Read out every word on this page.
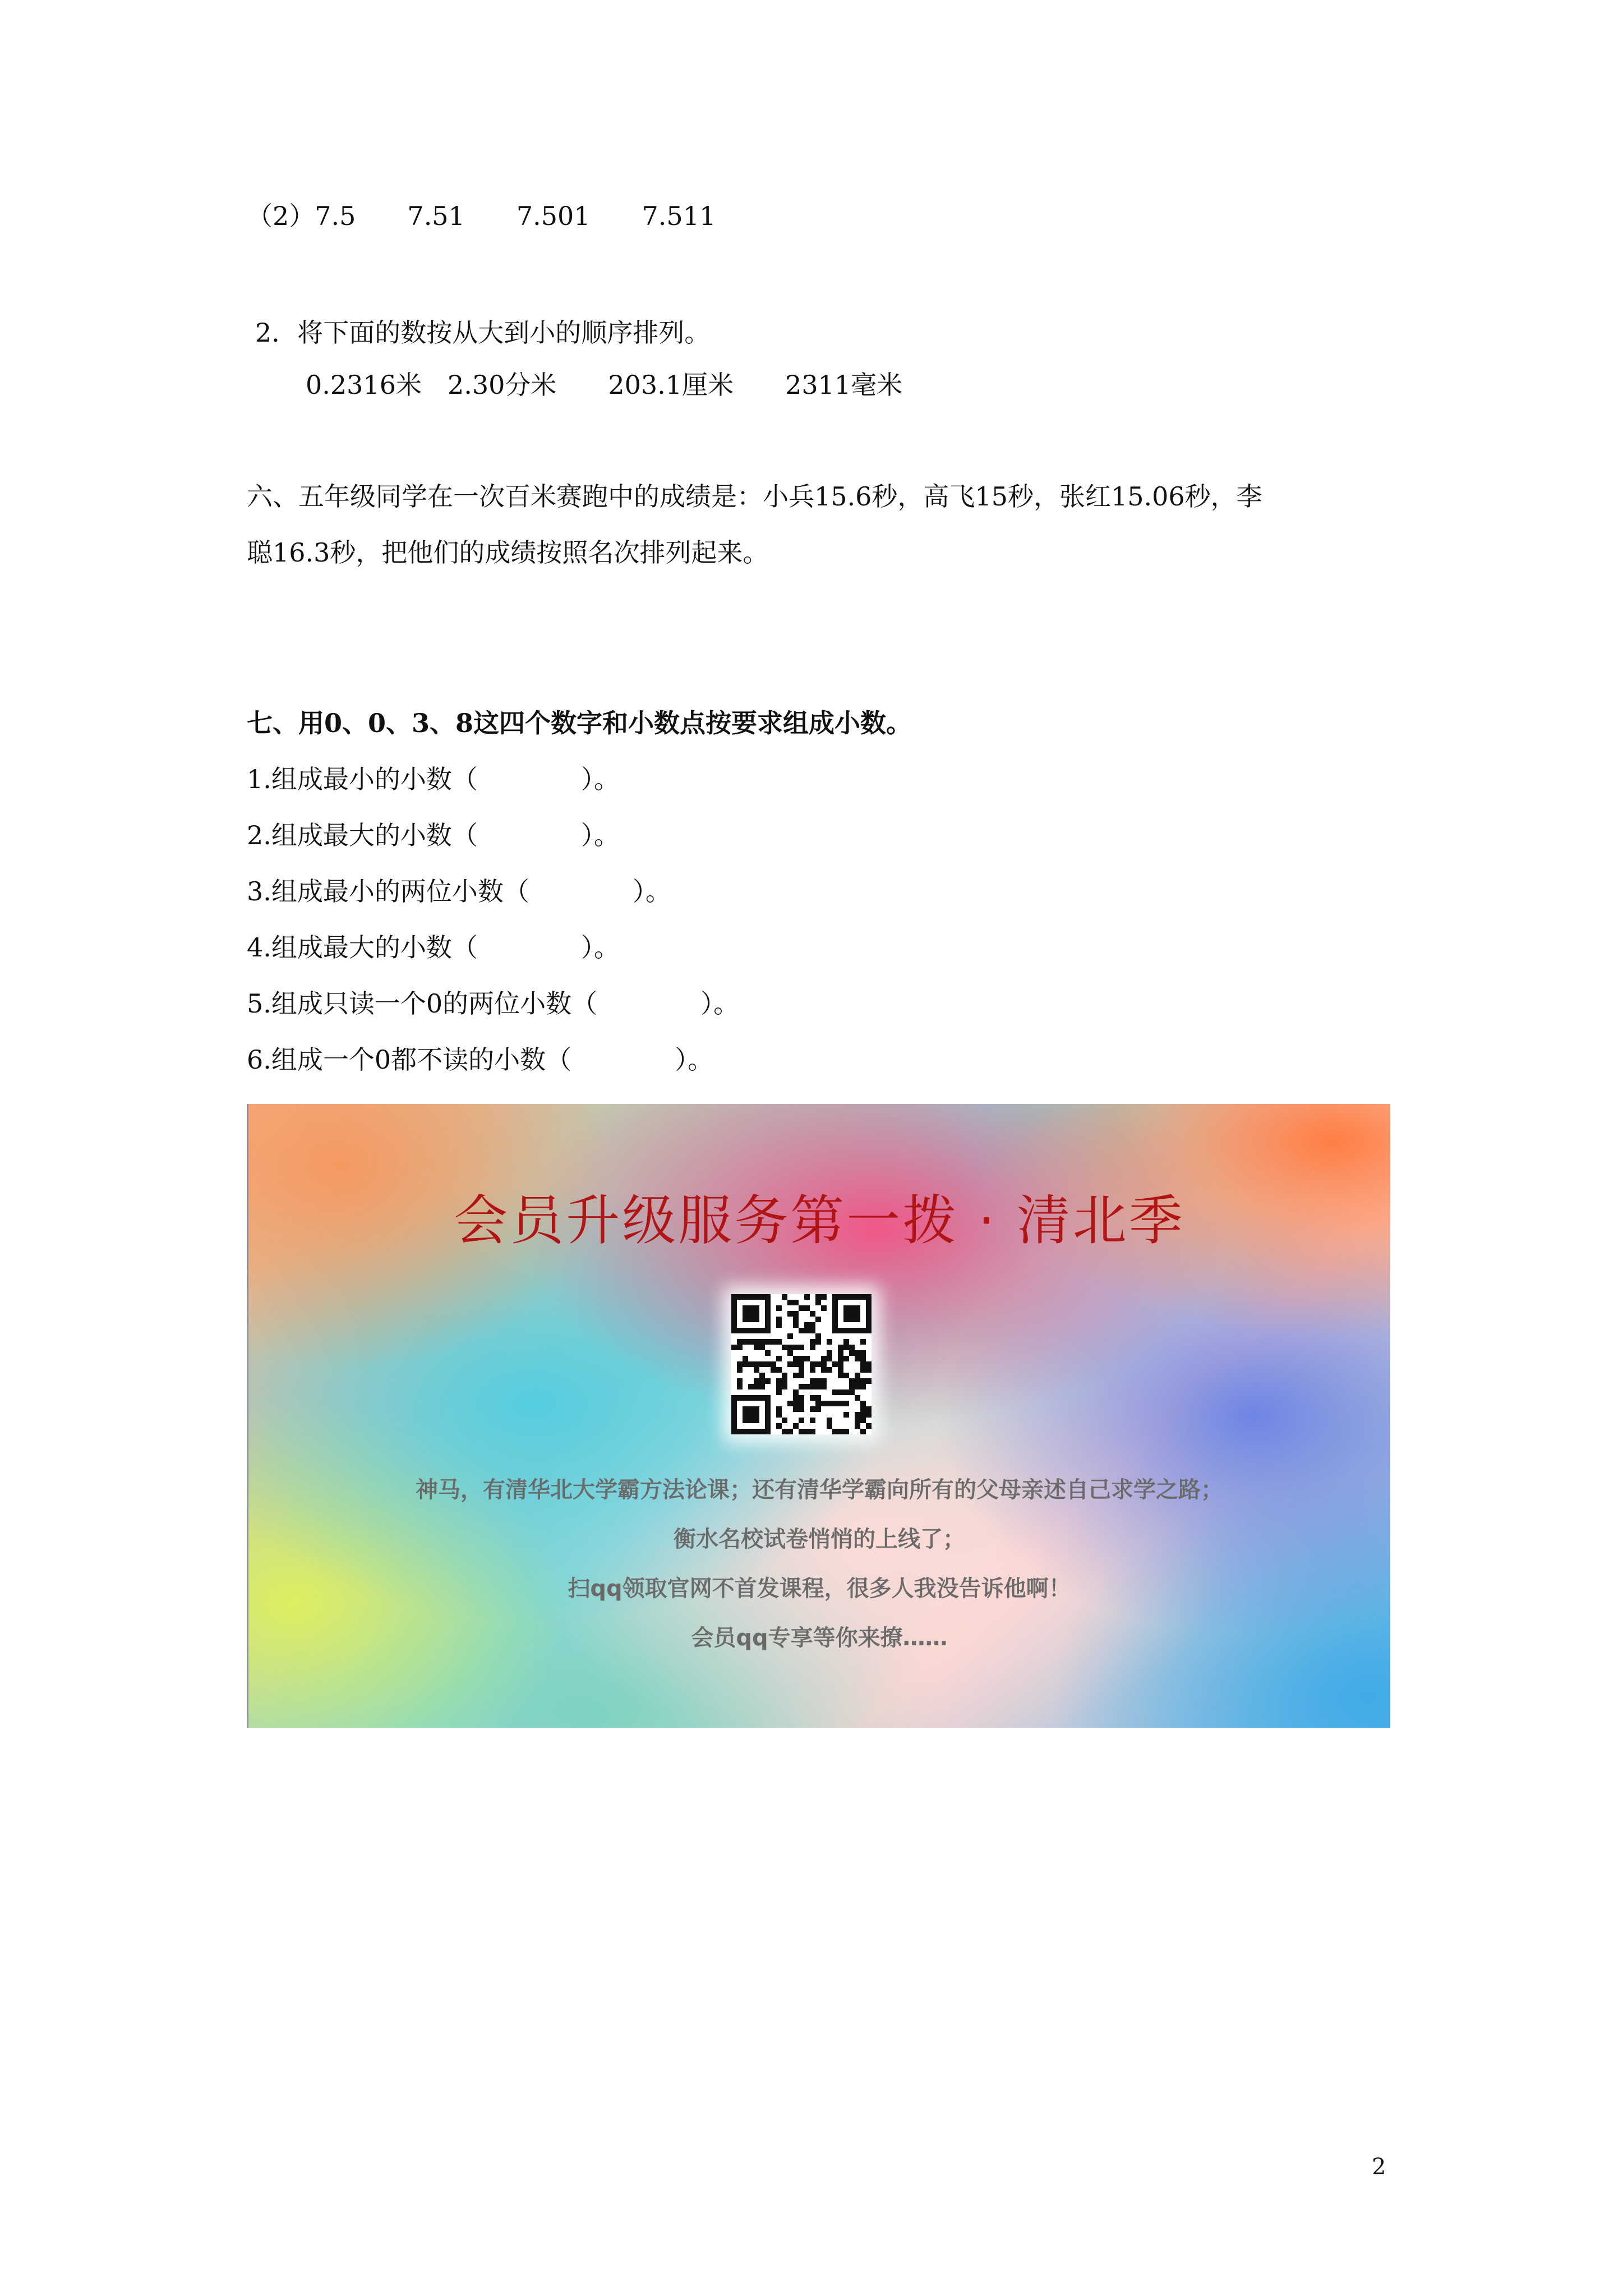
（2）7.5　　7.51　　7.501　　7.511
2．将下面的数按从大到小的顺序排列。
0.2316米　2.30分米　　203.1厘米　　2311毫米
六、五年级同学在一次百米赛跑中的成绩是：小兵15.6秒，高飞15秒，张红15.06秒，李
聪16.3秒，把他们的成绩按照名次排列起来。
七、用0、0、3、8这四个数字和小数点按要求组成小数。
1.组成最小的小数（　　　　）。
2.组成最大的小数（　　　　）。
3.组成最小的两位小数（　　　　）。
4.组成最大的小数（　　　　）。
5.组成只读一个0的两位小数（　　　　）。
6.组成一个0都不读的小数（　　　　）。
会员升级服务第一拨 · 清北季
神马，有清华北大学霸方法论课；还有清华学霸向所有的父母亲述自己求学之路；
衡水名校试卷悄悄的上线了；
扫qq领取官网不首发课程，很多人我没告诉他啊！
会员qq专享等你来撩……
2
